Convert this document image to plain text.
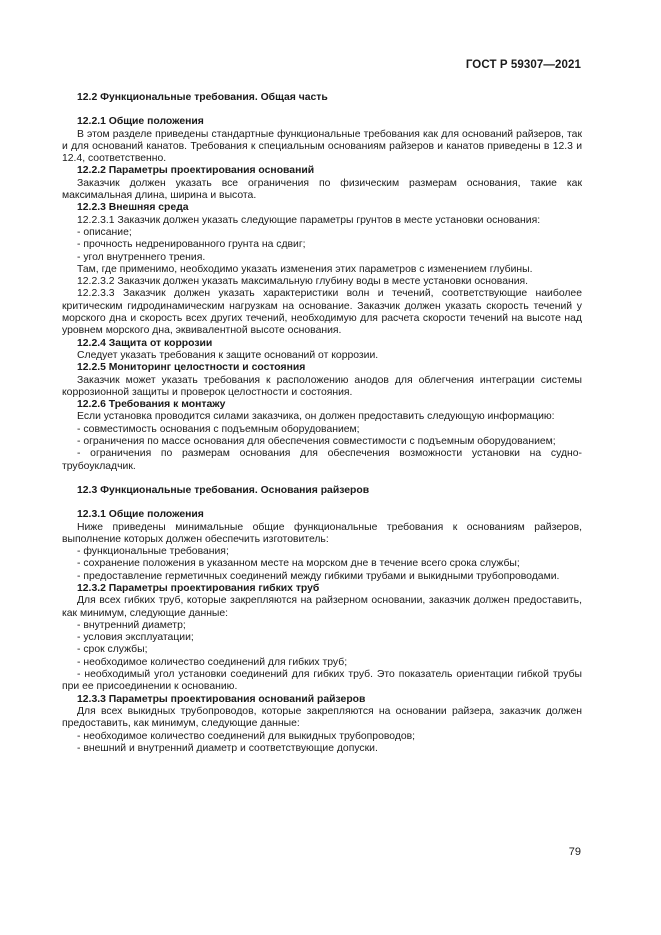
ГОСТ Р 59307—2021

12.2 Функциональные требования. Общая часть

12.2.1 Общие положения

В этом разделе приведены стандартные функциональные требования как для оснований райзеров, так и для оснований канатов. Требования к специальным основаниям райзеров и канатов приведены в 12.3 и 12.4, соответственно.

12.2.2 Параметры проектирования оснований

Заказчик должен указать все ограничения по физическим размерам основания, такие как максимальная длина, ширина и высота.

12.2.3 Внешняя среда

12.2.3.1 Заказчик должен указать следующие параметры грунтов в месте установки основания:

- описание;

- прочность недренированного грунта на сдвиг;

- угол внутреннего трения.

Там, где применимо, необходимо указать изменения этих параметров с изменением глубины.

12.2.3.2 Заказчик должен указать максимальную глубину воды в месте установки основания.

12.2.3.3 Заказчик должен указать характеристики волн и течений, соответствующие наиболее критическим гидродинамическим нагрузкам на основание. Заказчик должен указать скорость течений у морского дна и скорость всех других течений, необходимую для расчета скорости течений на высоте над уровнем морского дна, эквивалентной высоте основания.

12.2.4 Защита от коррозии

Следует указать требования к защите оснований от коррозии.

12.2.5 Мониторинг целостности и состояния

Заказчик может указать требования к расположению анодов для облегчения интеграции системы коррозионной защиты и проверок целостности и состояния.

12.2.6 Требования к монтажу

Если установка проводится силами заказчика, он должен предоставить следующую информацию:

- совместимость основания с подъемным оборудованием;

- ограничения по массе основания для обеспечения совместимости с подъемным оборудованием;

- ограничения по размерам основания для обеспечения возможности установки на судно-трубоукладчик.

12.3 Функциональные требования. Основания райзеров

12.3.1 Общие положения

Ниже приведены минимальные общие функциональные требования к основаниям райзеров, выполнение которых должен обеспечить изготовитель:

- функциональные требования;

- сохранение положения в указанном месте на морском дне в течение всего срока службы;

- предоставление герметичных соединений между гибкими трубами и выкидными трубопроводами.

12.3.2 Параметры проектирования гибких труб

Для всех гибких труб, которые закрепляются на райзерном основании, заказчик должен предоставить, как минимум, следующие данные:

- внутренний диаметр;

- условия эксплуатации;

- срок службы;

- необходимое количество соединений для гибких труб;

- необходимый угол установки соединений для гибких труб. Это показатель ориентации гибкой трубы при ее присоединении к основанию.

12.3.3 Параметры проектирования оснований райзеров

Для всех выкидных трубопроводов, которые закрепляются на основании райзера, заказчик должен предоставить, как минимум, следующие данные:

- необходимое количество соединений для выкидных трубопроводов;

- внешний и внутренний диаметр и соответствующие допуски.

79
